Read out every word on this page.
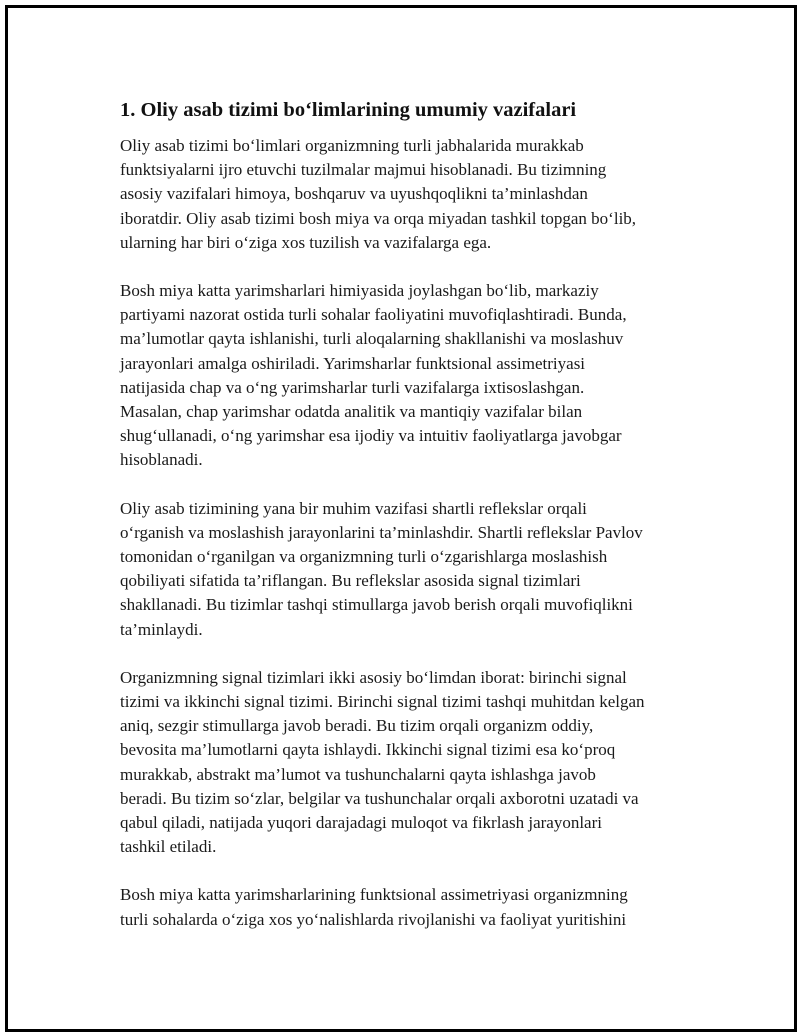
1. Oliy asab tizimi bo‘limlarining umumiy vazifalari

Oliy asab tizimi bo‘limlari organizmning turli jabhalarida murakkab
funktsiyalarni ijro etuvchi tuzilmalar majmui hisoblanadi. Bu tizimning
asosiy vazifalari himoya, boshqaruv va uyushqoqlikni ta’minlashdan
iboratdir. Oliy asab tizimi bosh miya va orqa miyadan tashkil topgan bo‘lib,
ularning har biri o‘ziga xos tuzilish va vazifalarga ega.

Bosh miya katta yarimsharlari himiyasida joylashgan bo‘lib, markaziy
partiyami nazorat ostida turli sohalar faoliyatini muvofiqlashtiradi. Bunda,
ma’lumotlar qayta ishlanishi, turli aloqalarning shakllanishi va moslashuv
jarayonlari amalga oshiriladi. Yarimsharlar funktsional assimetriyasi
natijasida chap va o‘ng yarimsharlar turli vazifalarga ixtisoslashgan.
Masalan, chap yarimshar odatda analitik va mantiqiy vazifalar bilan
shug‘ullanadi, o‘ng yarimshar esa ijodiy va intuitiv faoliyatlarga javobgar
hisoblanadi.

Oliy asab tizimining yana bir muhim vazifasi shartli reflekslar orqali
o‘rganish va moslashish jarayonlarini ta’minlashdir. Shartli reflekslar Pavlov
tomonidan o‘rganilgan va organizmning turli o‘zgarishlarga moslashish
qobiliyati sifatida ta’riflangan. Bu reflekslar asosida signal tizimlari
shakllanadi. Bu tizimlar tashqi stimullarga javob berish orqali muvofiqlikni
ta’minlaydi.

Organizmning signal tizimlari ikki asosiy bo‘limdan iborat: birinchi signal
tizimi va ikkinchi signal tizimi. Birinchi signal tizimi tashqi muhitdan kelgan
aniq, sezgir stimullarga javob beradi. Bu tizim orqali organizm oddiy,
bevosita ma’lumotlarni qayta ishlaydi. Ikkinchi signal tizimi esa ko‘proq
murakkab, abstrakt ma’lumot va tushunchalarni qayta ishlashga javob
beradi. Bu tizim so‘zlar, belgilar va tushunchalar orqali axborotni uzatadi va
qabul qiladi, natijada yuqori darajadagi muloqot va fikrlash jarayonlari
tashkil etiladi.

Bosh miya katta yarimsharlarining funktsional assimetriyasi organizmning
turli sohalarda o‘ziga xos yo‘nalishlarda rivojlanishi va faoliyat yuritishini
